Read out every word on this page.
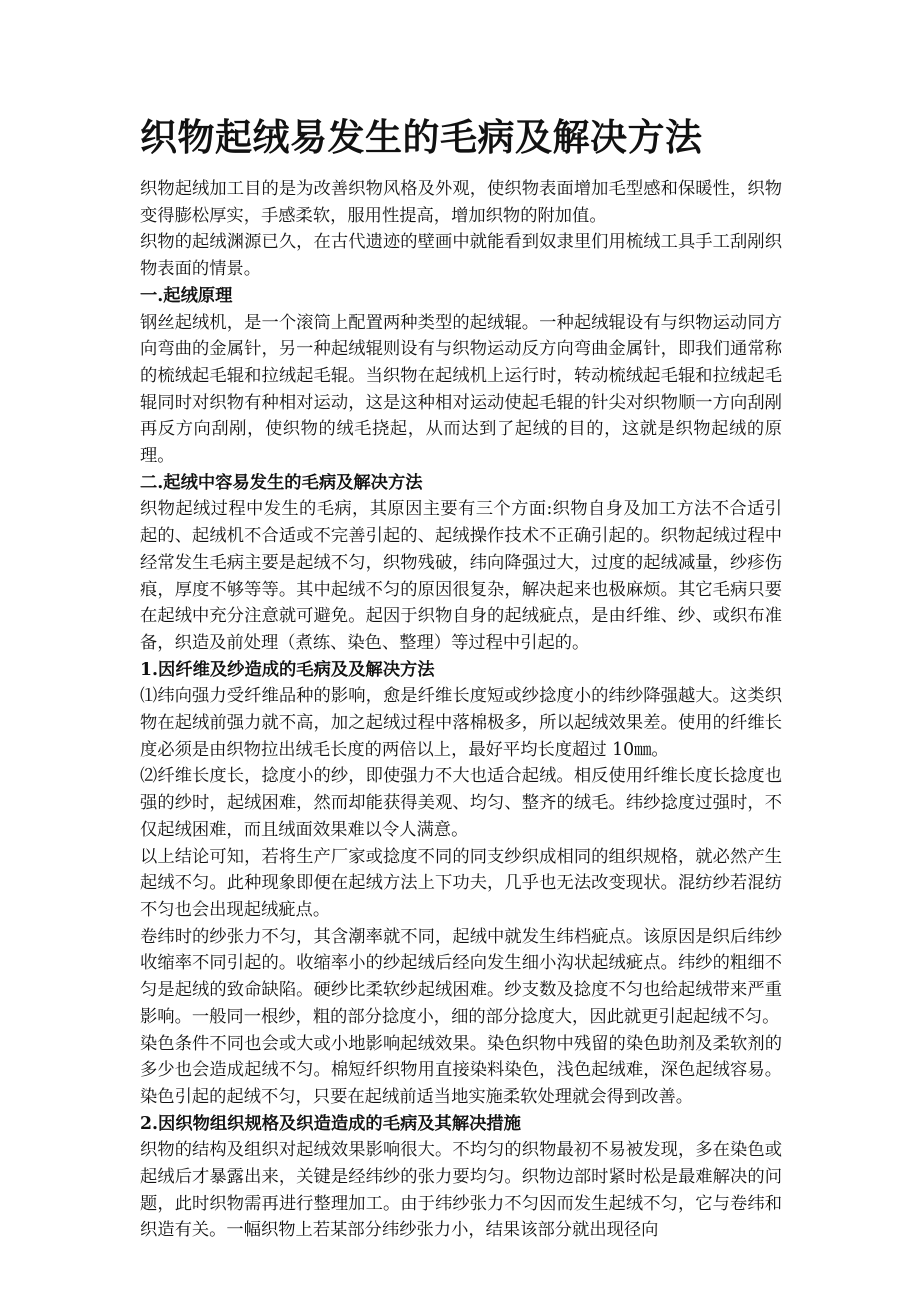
织物起绒易发生的毛病及解决方法

织物起绒加工目的是为改善织物风格及外观，使织物表面增加毛型感和保暖性，织物变得膨松厚实，手感柔软，服用性提高，增加织物的附加值。

织物的起绒渊源已久，在古代遗迹的壁画中就能看到奴隶里们用梳绒工具手工刮剐织物表面的情景。

一.起绒原理

钢丝起绒机，是一个滚筒上配置两种类型的起绒辊。一种起绒辊设有与织物运动同方向弯曲的金属针，另一种起绒辊则设有与织物运动反方向弯曲金属针，即我们通常称的梳绒起毛辊和拉绒起毛辊。当织物在起绒机上运行时，转动梳绒起毛辊和拉绒起毛辊同时对织物有种相对运动，这是这种相对运动使起毛辊的针尖对织物顺一方向刮剐再反方向刮剐，使织物的绒毛挠起，从而达到了起绒的目的，这就是织物起绒的原理。

二.起绒中容易发生的毛病及解决方法

织物起绒过程中发生的毛病，其原因主要有三个方面:织物自身及加工方法不合适引起的、起绒机不合适或不完善引起的、起绒操作技术不正确引起的。织物起绒过程中经常发生毛病主要是起绒不匀，织物残破，纬向降强过大，过度的起绒减量，纱疹伤痕，厚度不够等等。其中起绒不匀的原因很复杂，解决起来也极麻烦。其它毛病只要在起绒中充分注意就可避免。起因于织物自身的起绒疵点，是由纤维、纱、或织布准备，织造及前处理（煮练、染色、整理）等过程中引起的。

1.因纤维及纱造成的毛病及及解决方法

⑴纬向强力受纤维品种的影响，愈是纤维长度短或纱捻度小的纬纱降强越大。这类织物在起绒前强力就不高，加之起绒过程中落棉极多，所以起绒效果差。使用的纤维长度必须是由织物拉出绒毛长度的两倍以上，最好平均长度超过 10㎜。

⑵纤维长度长，捻度小的纱，即使强力不大也适合起绒。相反使用纤维长度长捻度也强的纱时，起绒困难，然而却能获得美观、均匀、整齐的绒毛。纬纱捻度过强时，不仅起绒困难，而且绒面效果难以令人满意。

以上结论可知，若将生产厂家或捻度不同的同支纱织成相同的组织规格，就必然产生起绒不匀。此种现象即便在起绒方法上下功夫，几乎也无法改变现状。混纺纱若混纺不匀也会出现起绒疵点。

卷纬时的纱张力不匀，其含潮率就不同，起绒中就发生纬档疵点。该原因是织后纬纱收缩率不同引起的。收缩率小的纱起绒后经向发生细小沟状起绒疵点。纬纱的粗细不匀是起绒的致命缺陷。硬纱比柔软纱起绒困难。纱支数及捻度不匀也给起绒带来严重影响。一般同一根纱，粗的部分捻度小，细的部分捻度大，因此就更引起起绒不匀。

染色条件不同也会或大或小地影响起绒效果。染色织物中残留的染色助剂及柔软剂的多少也会造成起绒不匀。棉短纤织物用直接染料染色，浅色起绒难，深色起绒容易。染色引起的起绒不匀，只要在起绒前适当地实施柔软处理就会得到改善。

2.因织物组织规格及织造造成的毛病及其解决措施

织物的结构及组织对起绒效果影响很大。不均匀的织物最初不易被发现，多在染色或起绒后才暴露出来，关键是经纬纱的张力要均匀。织物边部时紧时松是最难解决的问题，此时织物需再进行整理加工。由于纬纱张力不匀因而发生起绒不匀，它与卷纬和织造有关。一幅织物上若某部分纬纱张力小，结果该部分就出现径向
